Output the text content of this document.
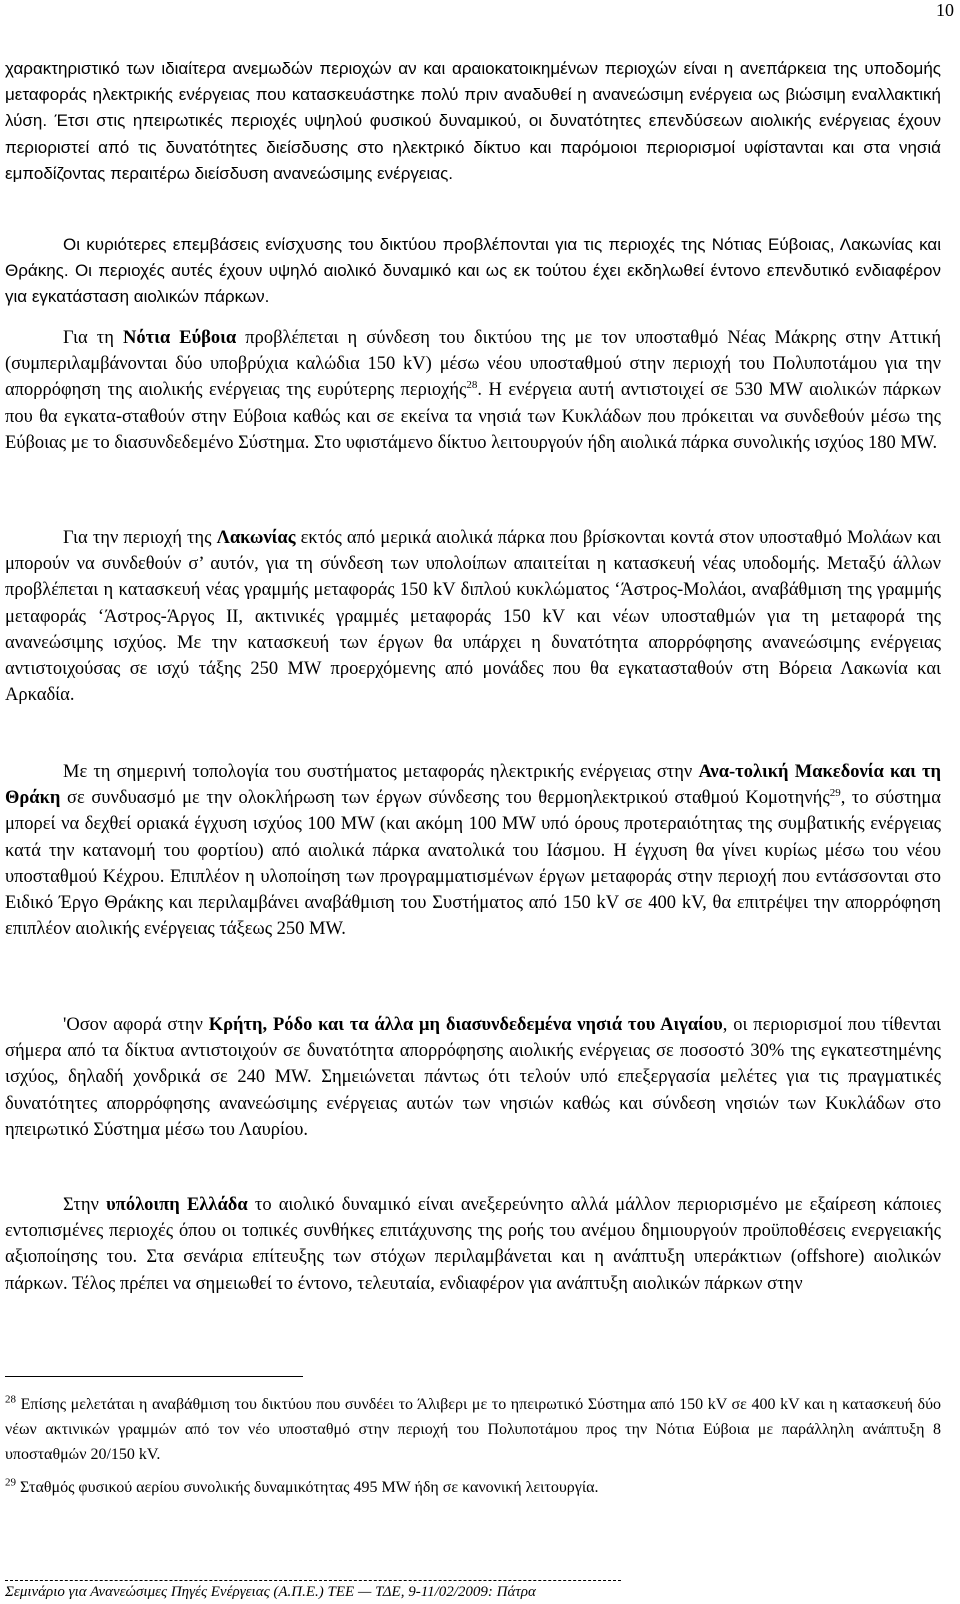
10

χαρακτηριστικό των ιδιαίτερα ανεμωδών περιοχών αν και αραιοκατοικημένων περιοχών είναι η ανεπάρκεια της υποδομής μεταφοράς ηλεκτρικής ενέργειας που κατασκευάστηκε πολύ πριν αναδυθεί η ανανεώσιμη ενέργεια ως βιώσιμη εναλλακτική λύση. Έτσι στις ηπειρωτικές περιοχές υψηλού φυσικού δυναμικού, οι δυνατότητες επενδύσεων αιολικής ενέργειας έχουν περιοριστεί από τις δυνατότητες διείσδυσης στο ηλεκτρικό δίκτυο και παρόμοιοι περιορισμοί υφίστανται και στα νησιά εμποδίζοντας περαιτέρω διείσδυση ανανεώσιμης ενέργειας.

Οι κυριότερες επεμβάσεις ενίσχυσης του δικτύου προβλέπονται για τις περιοχές της Νότιας Εύβοιας, Λακωνίας και Θράκης. Οι περιοχές αυτές έχουν υψηλό αιολικό δυναμικό και ως εκ τούτου έχει εκδηλωθεί έντονο επενδυτικό ενδιαφέρον για εγκατάσταση αιολικών πάρκων.

Για τη Νότια Εύβοια προβλέπεται η σύνδεση του δικτύου της με τον υποσταθμό Νέας Μάκρης στην Αττική (συμπεριλαμβάνονται δύο υποβρύχια καλώδια 150 kV) μέσω νέου υποσταθμού στην περιοχή του Πολυποτάμου για την απορρόφηση της αιολικής ενέργειας της ευρύτερης περιοχής$^{28}$. Η ενέργεια αυτή αντιστοιχεί σε 530 MW αιολικών πάρκων που θα εγκατα-σταθούν στην Εύβοια καθώς και σε εκείνα τα νησιά των Κυκλάδων που πρόκειται να συνδεθούν μέσω της Εύβοιας με το διασυνδεδεμένο Σύστημα. Στο υφιστάμενο δίκτυο λειτουργούν ήδη αιολικά πάρκα συνολικής ισχύος 180 MW.

Για την περιοχή της Λακωνίας εκτός από μερικά αιολικά πάρκα που βρίσκονται κοντά στον υποσταθμό Μολάων και μπορούν να συνδεθούν σ’ αυτόν, για τη σύνδεση των υπολοίπων απαιτείται η κατασκευή νέας υποδομής. Μεταξύ άλλων προβλέπεται η κατασκευή νέας γραμμής μεταφοράς 150 kV διπλού κυκλώματος ‘Άστρος-Μολάοι, αναβάθμιση της γραμμής μεταφοράς ‘Άστρος-Άργος ΙΙ, ακτινικές γραμμές μεταφοράς 150 kV και νέων υποσταθμών για τη μεταφορά της ανανεώσιμης ισχύος. Με την κατασκευή των έργων θα υπάρχει η δυνατότητα απορρόφησης ανανεώσιμης ενέργειας αντιστοιχούσας σε ισχύ τάξης 250 MW προερχόμενης από μονάδες που θα εγκατασταθούν στη Βόρεια Λακωνία και Αρκαδία.

Με τη σημερινή τοπολογία του συστήματος μεταφοράς ηλεκτρικής ενέργειας στην Ανα-τολική Μακεδονία και τη Θράκη σε συνδυασμό με την ολοκλήρωση των έργων σύνδεσης του θερμοηλεκτρικού σταθμού Κομοτηνής$^{29}$, το σύστημα μπορεί να δεχθεί οριακά έγχυση ισχύος 100 MW (και ακόμη 100 MW υπό όρους προτεραιότητας της συμβατικής ενέργειας κατά την κατανομή του φορτίου) από αιολικά πάρκα ανατολικά του Ιάσμου. Η έγχυση θα γίνει κυρίως μέσω του νέου υποσταθμού Κέχρου. Επιπλέον η υλοποίηση των προγραμματισμένων έργων μεταφοράς στην περιοχή που εντάσσονται στο Ειδικό Έργο Θράκης και περιλαμβάνει αναβάθμιση του Συστήματος από 150 kV σε 400 kV, θα επιτρέψει την απορρόφηση επιπλέον αιολικής ενέργειας τάξεως 250 MW.

'Οσον αφορά στην Κρήτη, Ρόδο και τα άλλα μη διασυνδεδεμένα νησιά του Αιγαίου, οι περιορισμοί που τίθενται σήμερα από τα δίκτυα αντιστοιχούν σε δυνατότητα απορρόφησης αιολικής ενέργειας σε ποσοστό 30% της εγκατεστημένης ισχύος, δηλαδή χονδρικά σε 240 MW. Σημειώνεται πάντως ότι τελούν υπό επεξεργασία μελέτες για τις πραγματικές δυνατότητες απορρόφησης ανανεώσιμης ενέργειας αυτών των νησιών καθώς και σύνδεση νησιών των Κυκλάδων στο ηπειρωτικό Σύστημα μέσω του Λαυρίου.

Στην υπόλοιπη Ελλάδα το αιολικό δυναμικό είναι ανεξερεύνητο αλλά μάλλον περιορισμένο με εξαίρεση κάποιες εντοπισμένες περιοχές όπου οι τοπικές συνθήκες επιτάχυνσης της ροής του ανέμου δημιουργούν προϋποθέσεις ενεργειακής αξιοποίησης του. Στα σενάρια επίτευξης των στόχων περιλαμβάνεται και η ανάπτυξη υπεράκτιων (offshore) αιολικών πάρκων. Τέλος πρέπει να σημειωθεί το έντονο, τελευταία, ενδιαφέρον για ανάπτυξη αιολικών πάρκων στην

$^{28}$ Επίσης μελετάται η αναβάθμιση του δικτύου που συνδέει το Άλιβερι με το ηπειρωτικό Σύστημα από 150 kV σε 400 kV και η κατασκευή δύο νέων ακτινικών γραμμών από τον νέο υποσταθμό στην περιοχή του Πολυποτάμου προς την Νότια Εύβοια με παράλληλη ανάπτυξη 8 υποσταθμών 20/150 kV.

$^{29}$ Σταθμός φυσικού αερίου συνολικής δυναμικότητας 495 MW ήδη σε κανονική λειτουργία.

Σεμινάριο για Ανανεώσιμες Πηγές Ενέργειας (Α.Π.Ε.) ΤΕΕ — ΤΔΕ, 9-11/02/2009: Πάτρα
